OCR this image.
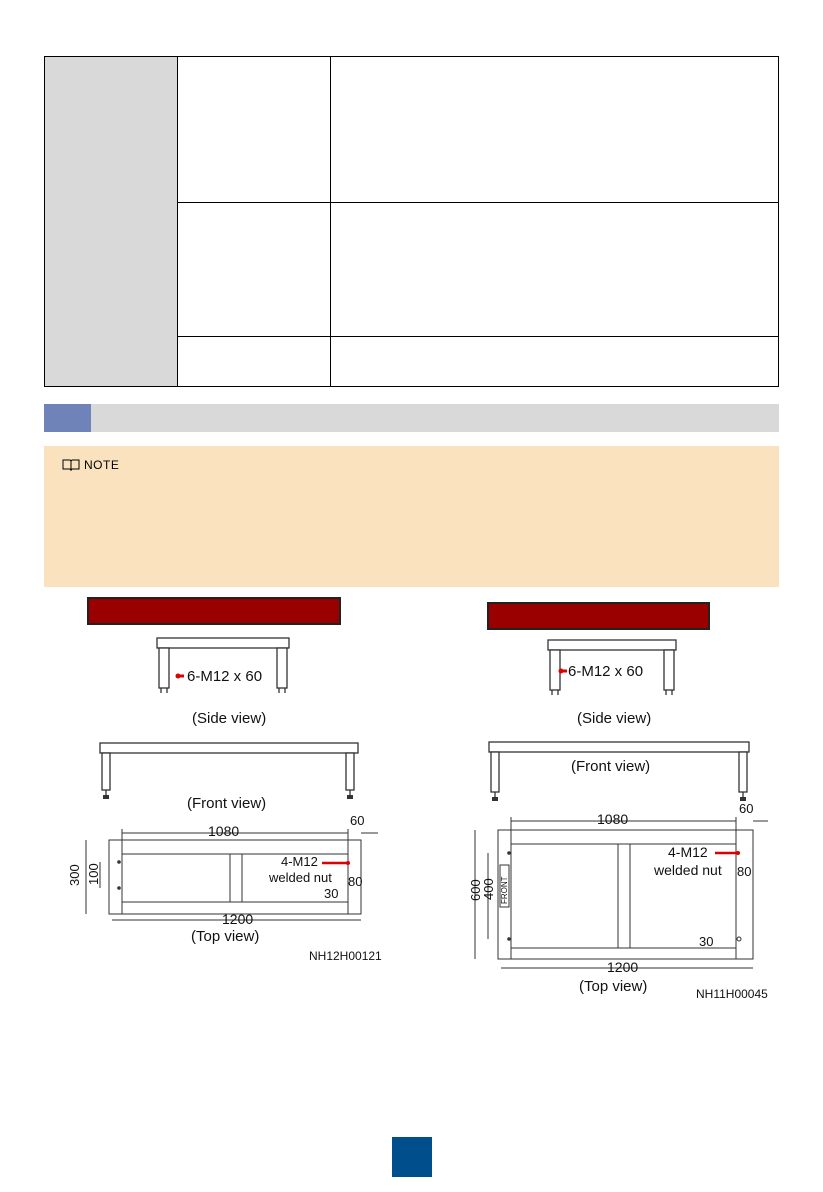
NOTE
6-M12 x 60
(Side view)
(Front view)
1080
1200
60
300 100	80
30
4-M12
welded nut
(Top view)
NH12H00121
6-M12 x 60
(Side view)
(Front view)
FRONT
1080
1200
60
600
400
80
30
4-M12
welded nut
(Top view)	NH11H00045
